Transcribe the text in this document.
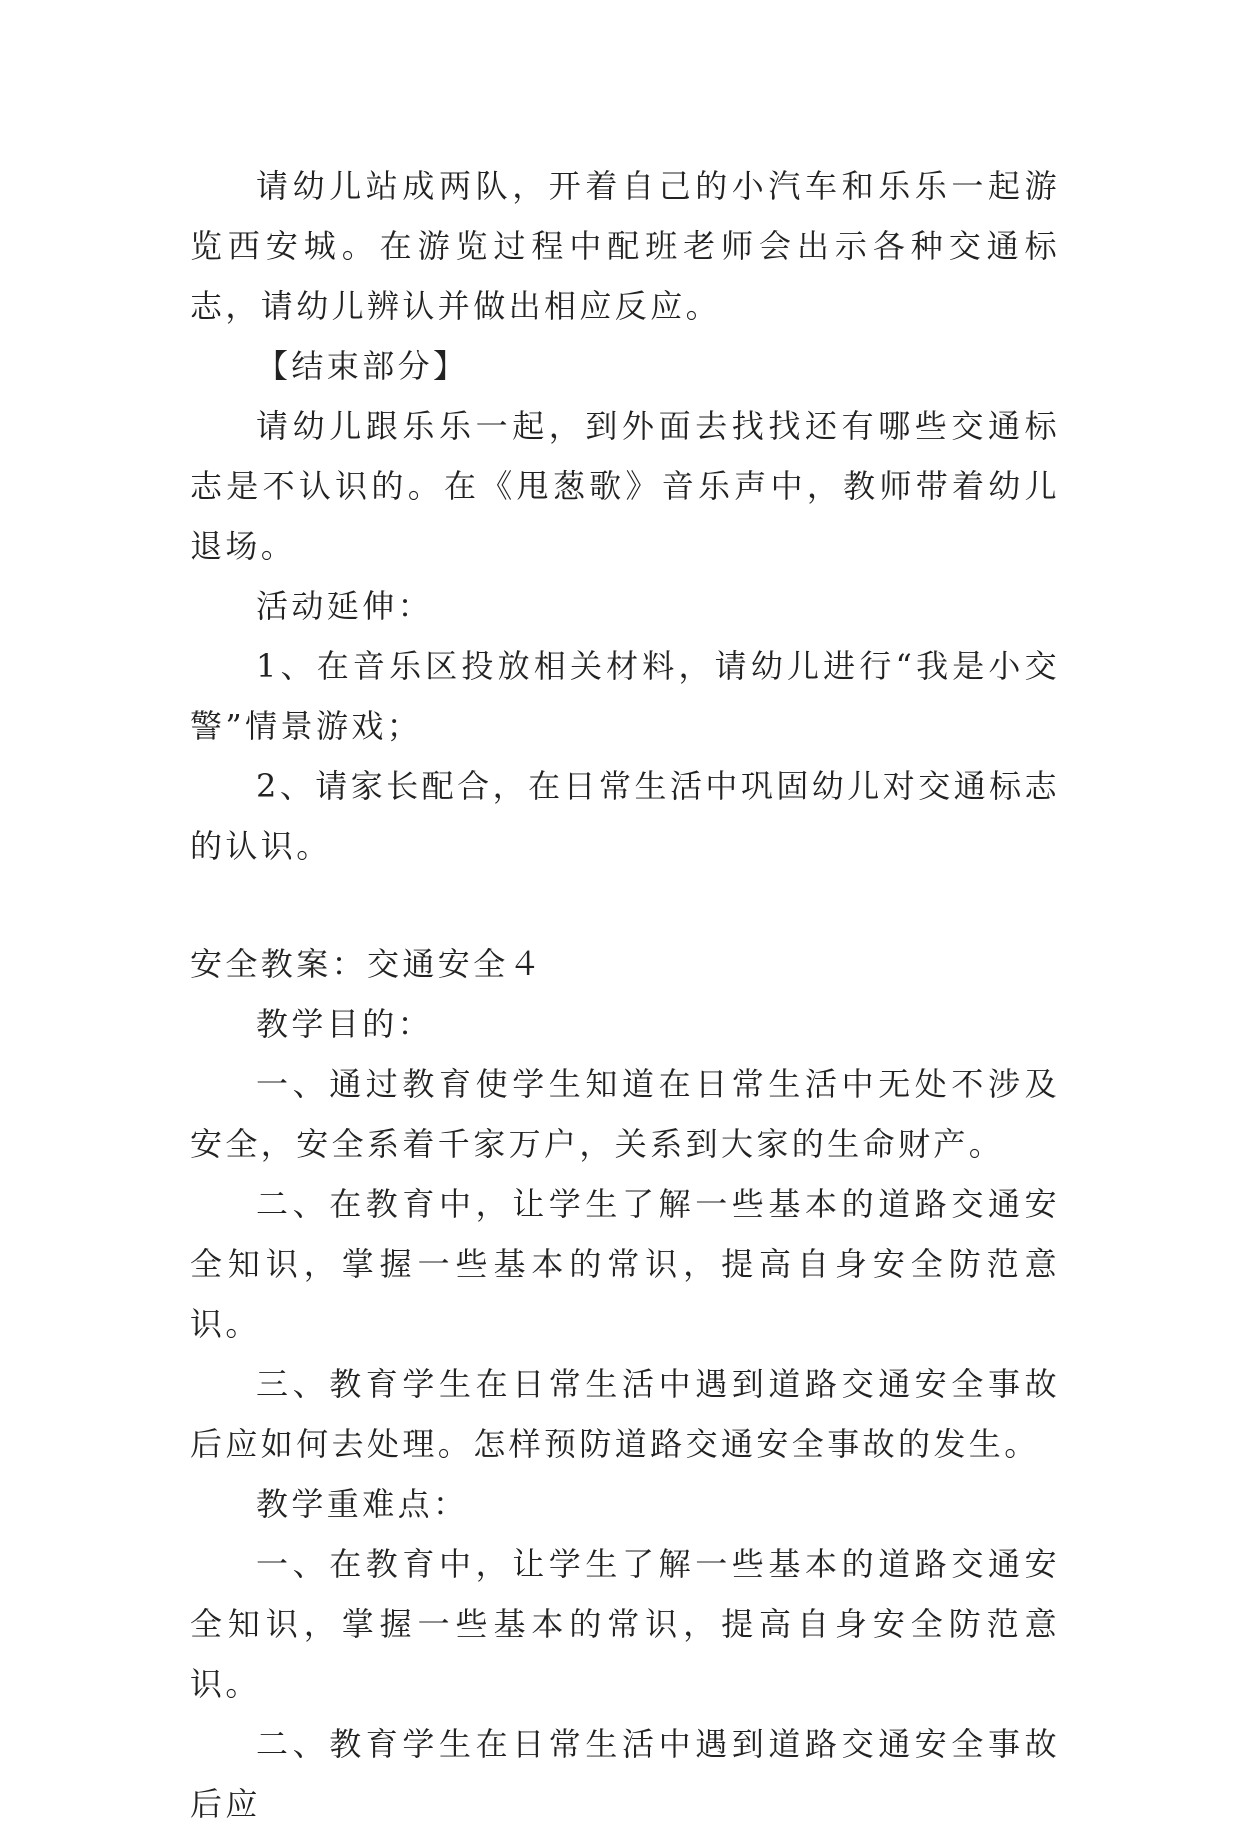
请幼儿站成两队，开着自己的小汽车和乐乐一起游览西安城。在游览过程中配班老师会出示各种交通标志，请幼儿辨认并做出相应反应。

【结束部分】

请幼儿跟乐乐一起，到外面去找找还有哪些交通标志是不认识的。在《甩葱歌》音乐声中，教师带着幼儿退场。

活动延伸：

1、在音乐区投放相关材料，请幼儿进行“我是小交警”情景游戏；

2、请家长配合，在日常生活中巩固幼儿对交通标志的认识。

安全教案：交通安全４

教学目的：

一、通过教育使学生知道在日常生活中无处不涉及安全，安全系着千家万户，关系到大家的生命财产。

二、在教育中，让学生了解一些基本的道路交通安全知识，掌握一些基本的常识，提高自身安全防范意识。

三、教育学生在日常生活中遇到道路交通安全事故后应如何去处理。怎样预防道路交通安全事故的发生。

教学重难点：

一、在教育中，让学生了解一些基本的道路交通安全知识，掌握一些基本的常识，提高自身安全防范意识。

二、教育学生在日常生活中遇到道路交通安全事故后应
